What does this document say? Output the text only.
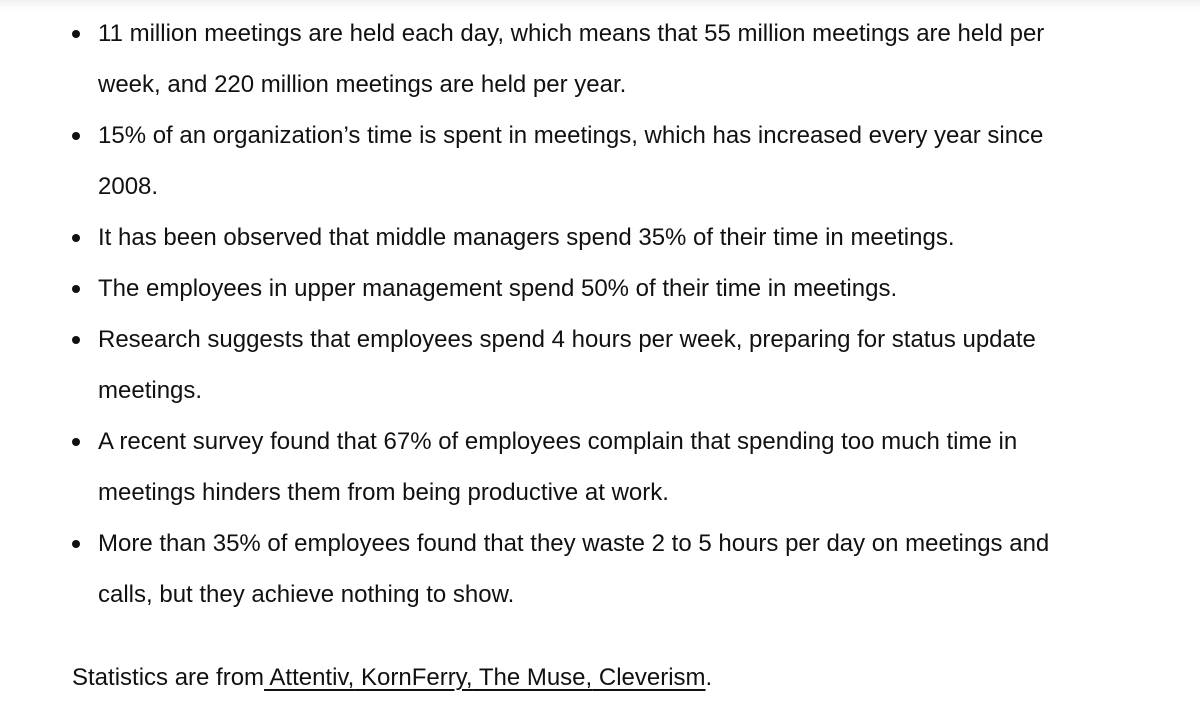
11 million meetings are held each day, which means that 55 million meetings are held per week, and 220 million meetings are held per year.
15% of an organization’s time is spent in meetings, which has increased every year since 2008.
It has been observed that middle managers spend 35% of their time in meetings.
The employees in upper management spend 50% of their time in meetings.
Research suggests that employees spend 4 hours per week, preparing for status update meetings.
A recent survey found that 67% of employees complain that spending too much time in meetings hinders them from being productive at work.
More than 35% of employees found that they waste 2 to 5 hours per day on meetings and calls, but they achieve nothing to show.

Statistics are from Attentiv, KornFerry, The Muse, Cleverism.
